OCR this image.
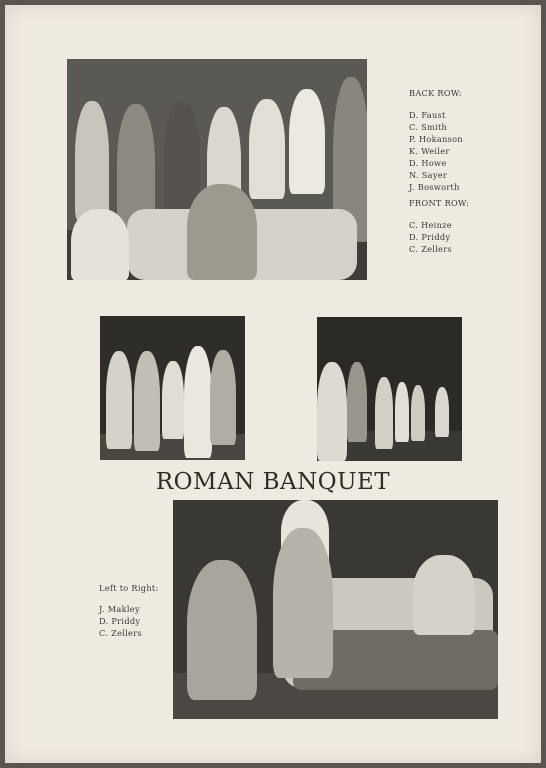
BACK ROW:
D. Faust
C. Smith
P. Hokanson
K. Weiler
D. Howe
N. Sayer
J. Bosworth
FRONT ROW:
C. Heinze
D. Priddy
C. Zellers
ROMAN BANQUET
Left to Right:
J. Makley
D. Priddy
C. Zellers
